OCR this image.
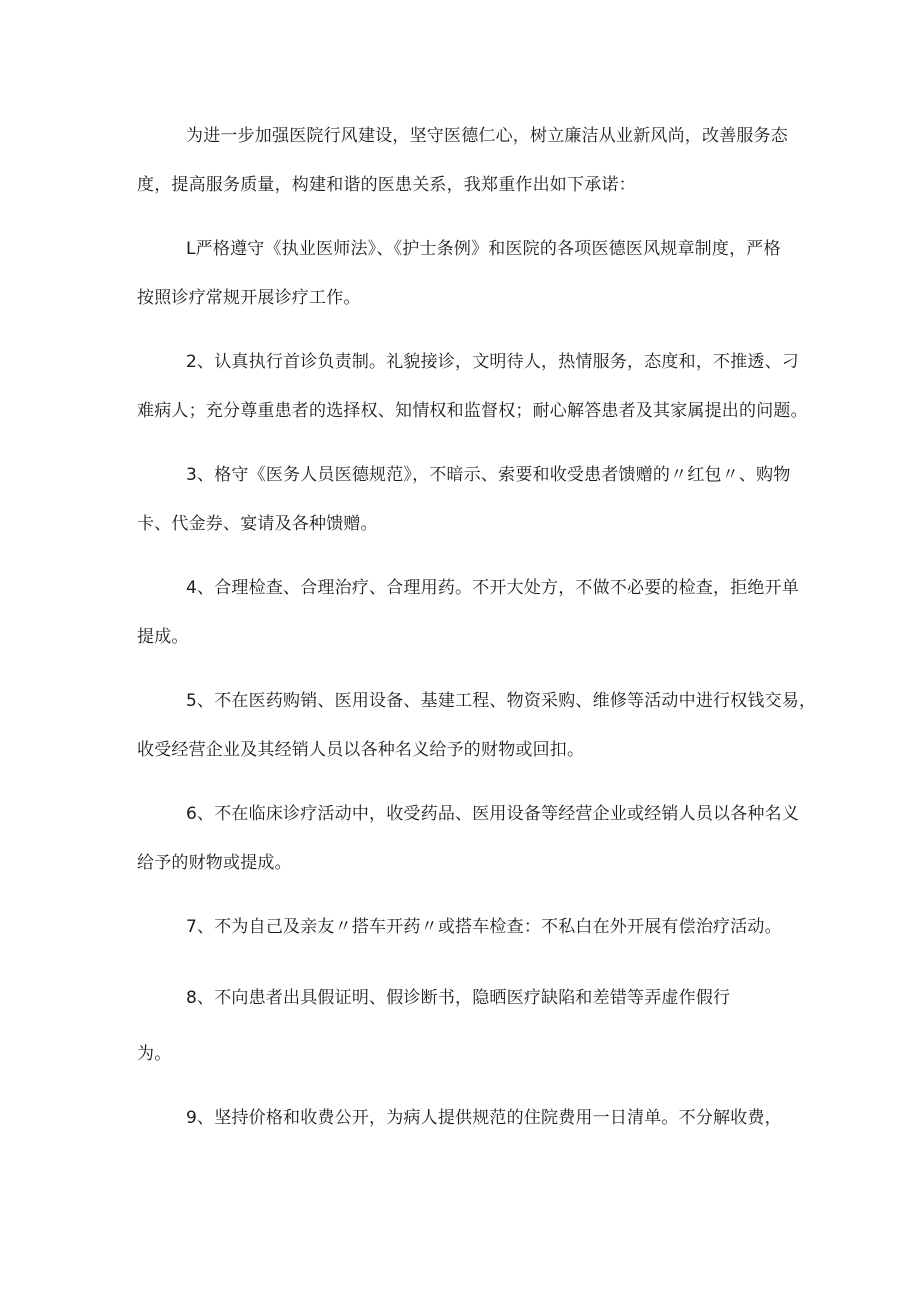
为进一步加强医院行风建设，坚守医德仁心，树立廉洁从业新风尚，改善服务态
度，提高服务质量，构建和谐的医患关系，我郑重作出如下承诺：
L严格遵守《执业医师法》、《护士条例》和医院的各项医德医风规章制度，严格
按照诊疗常规开展诊疗工作。
2、认真执行首诊负责制。礼貌接诊，文明待人，热情服务，态度和，不推透、刁
难病人；充分尊重患者的选择权、知情权和监督权；耐心解答患者及其家属提出的问题。
3、格守《医务人员医德规范》，不暗示、索要和收受患者馈赠的〃红包〃、购物
卡、代金券、宴请及各种馈赠。
4、合理检查、合理治疗、合理用药。不开大处方，不做不必要的检查，拒绝开单
提成。
5、不在医药购销、医用设备、基建工程、物资采购、维修等活动中进行权钱交易，
收受经营企业及其经销人员以各种名义给予的财物或回扣。
6、不在临床诊疗活动中，收受药品、医用设备等经营企业或经销人员以各种名义
给予的财物或提成。
7、不为自己及亲友〃搭车开药〃或搭车检查：不私白在外开展有偿治疗活动。
8、不向患者出具假证明、假诊断书，隐晒医疗缺陷和差错等弄虚作假行
为。
9、坚持价格和收费公开，为病人提供规范的住院费用一日清单。不分解收费，
